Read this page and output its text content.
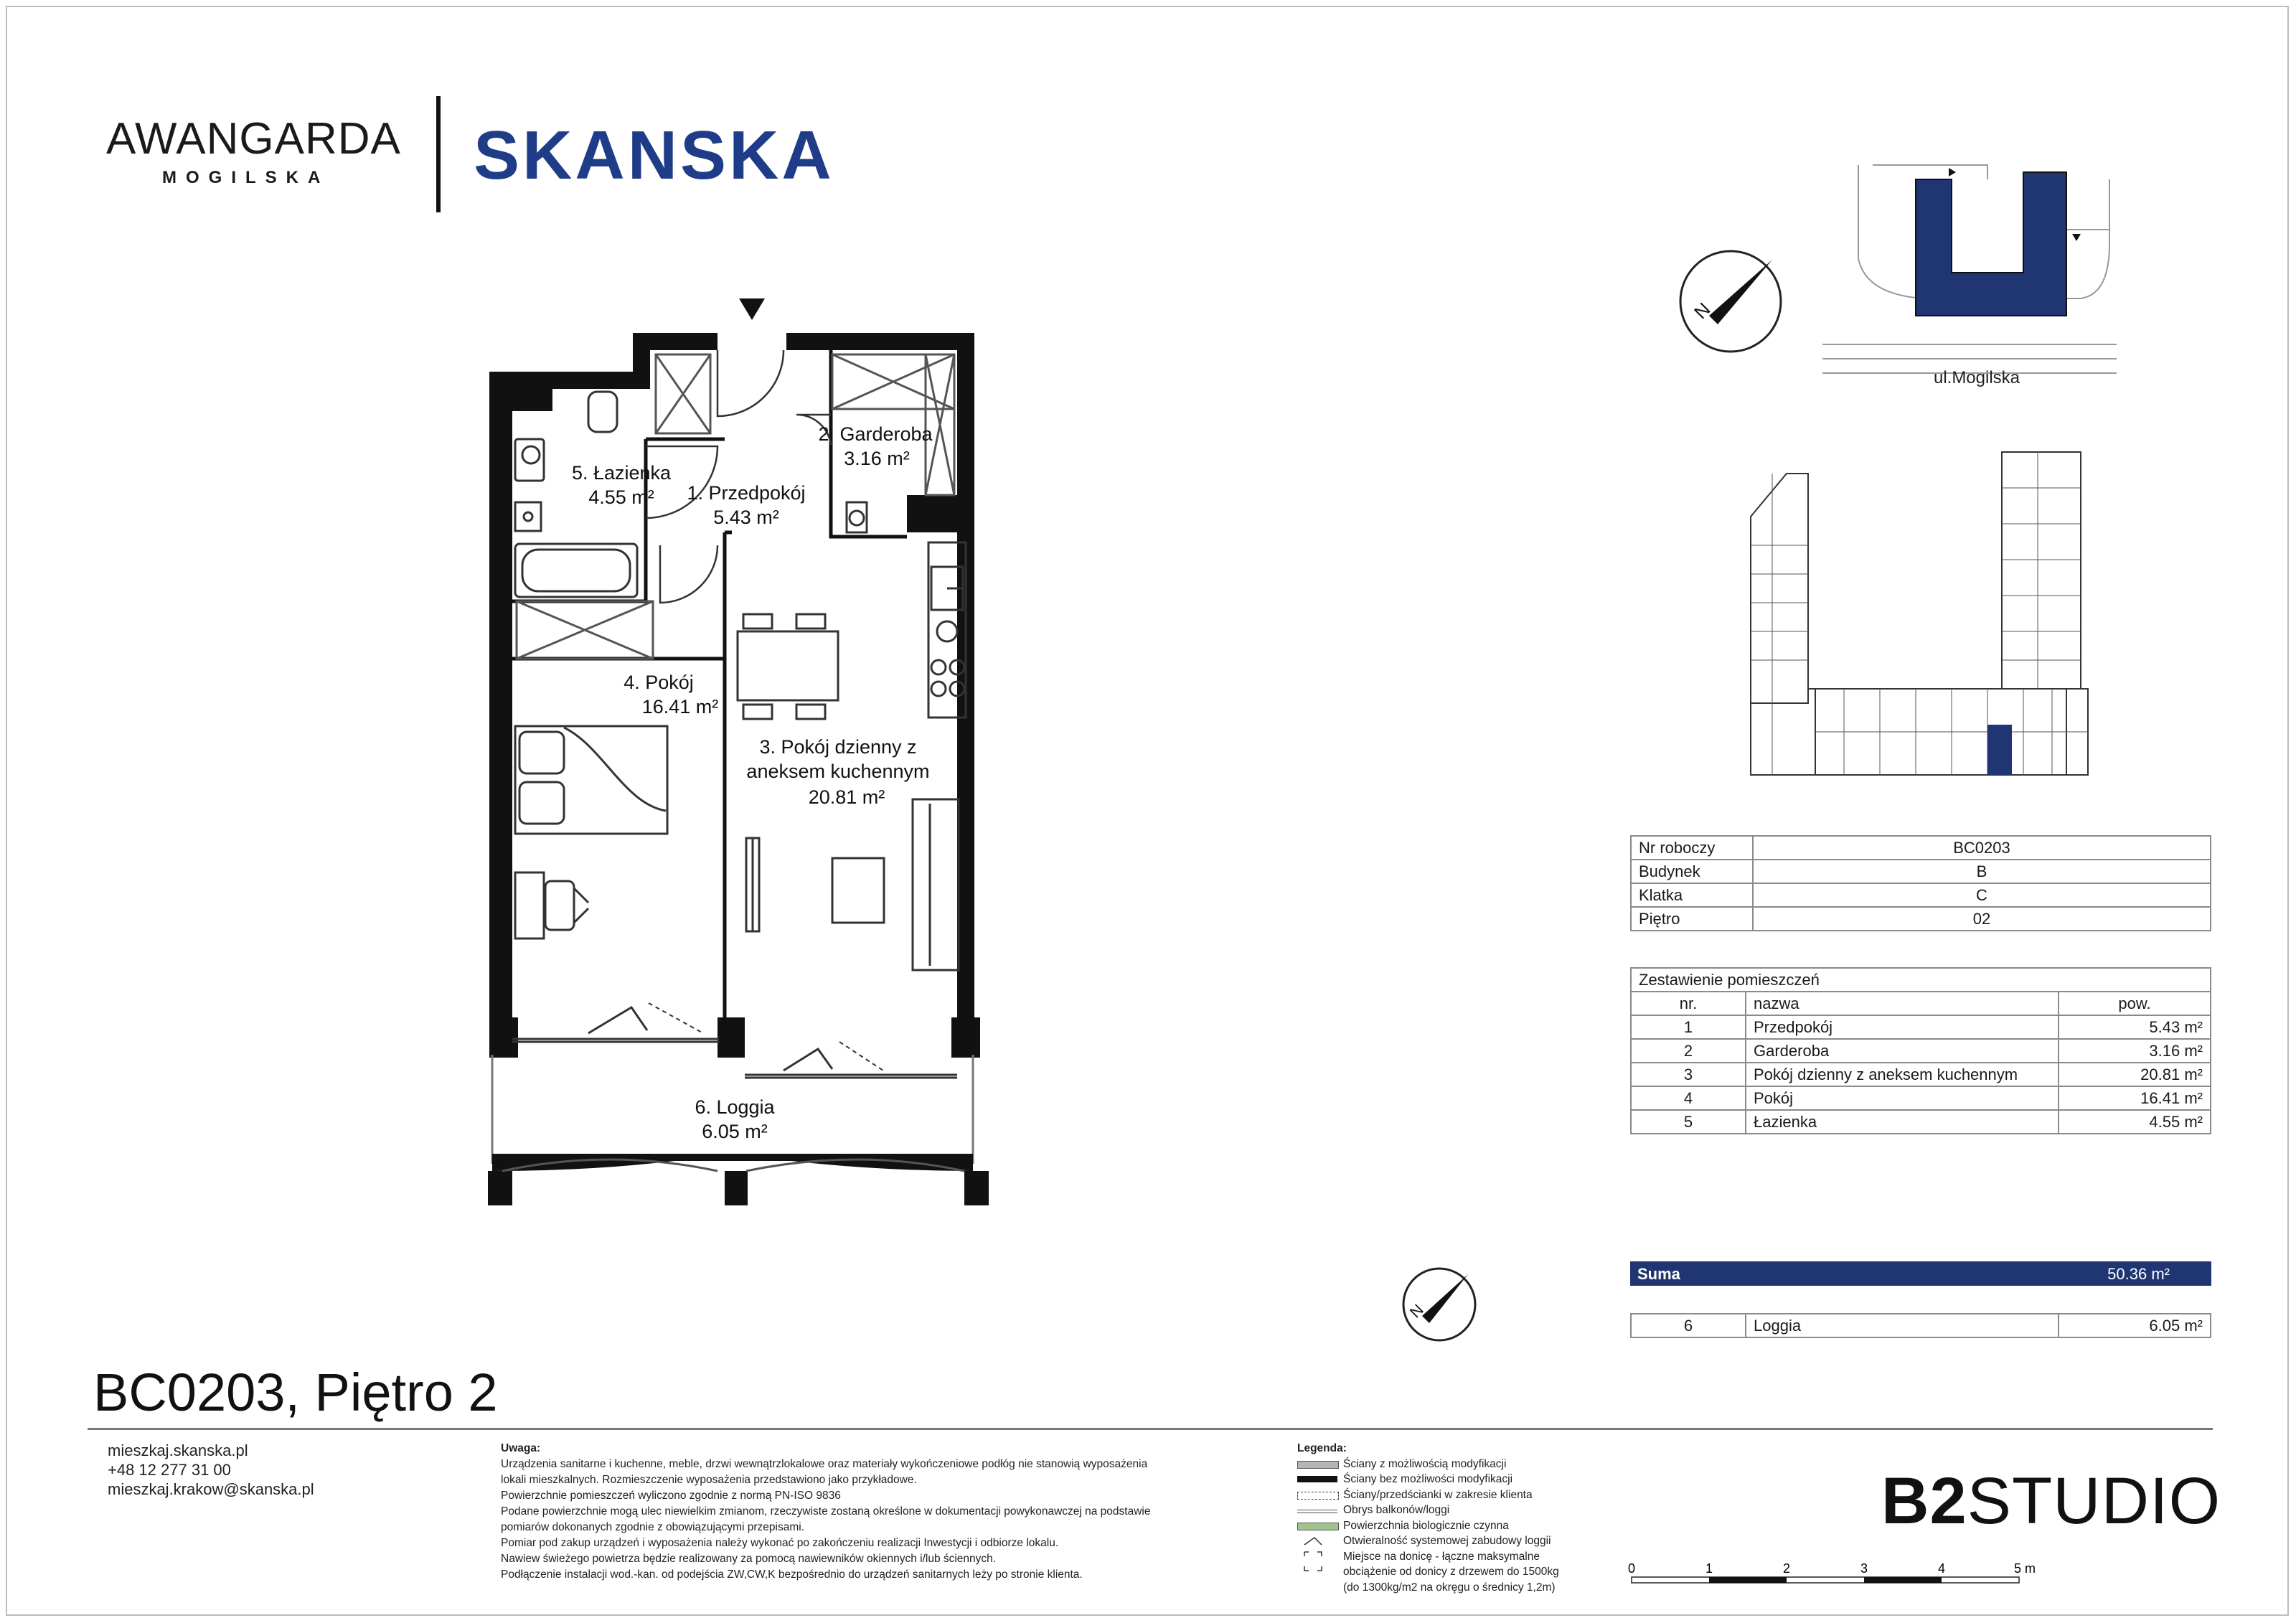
AWANGARDA
MOGILSKA SKANSKA
2. Garderoba
3.16 m²
5. Łazienka
4.55 m² 1. Przedpokój
5.43 m²
4. Pokój
16.41 m²
3. Pokój dzienny z
aneksem kuchennym
20.81 m²
6. Loggia
6.05 m²
ul.Mogilska
N
Nr roboczy	BC0203
Budynek	B
Klatka	C
Piętro	02
Zestawienie pomieszczeń		
nr.	nazwa	pow.
1	Przedpokój	5.43 m²
2	Garderoba	3.16 m²
3	Pokój dzienny z aneksem kuchennym	20.81 m²
4	Pokój	16.41 m²
5	Łazienka	4.55 m²
Suma	50.36 m²
6	Loggia	6.05 m²
N
BC0203, Piętro 2
mieszkaj.skanska.pl
+48 12 277 31 00
mieszkaj.krakow@skanska.pl
Uwaga:
Urządzenia sanitarne i kuchenne, meble, drzwi wewnątrzlokalowe oraz materiały wykończeniowe podłóg nie stanowią wyposażenia
lokali mieszkalnych. Rozmieszczenie wyposażenia przedstawiono jako przykładowe.
Powierzchnie pomieszczeń wyliczono zgodnie z normą PN-ISO 9836
Podane powierzchnie mogą ulec niewielkim zmianom, rzeczywiste zostaną określone w dokumentacji powykonawczej na podstawie
pomiarów dokonanych zgodnie z obowiązującymi przepisami.
Pomiar pod zakup urządzeń i wyposażenia należy wykonać po zakończeniu realizacji Inwestycji i odbiorze lokalu.
Nawiew świeżego powietrza będzie realizowany za pomocą nawiewników okiennych i/lub ściennych.
Podłączenie instalacji wod.-kan. od podejścia ZW,CW,K bezpośrednio do urządzeń sanitarnych leży po stronie klienta.
Legenda:
Ściany z możliwością modyfikacji
Ściany bez możliwości modyfikacji
Ściany/przedścianki w zakresie klienta
Obrys balkonów/loggi
Powierzchnia biologicznie czynna
Otwieralność systemowej zabudowy loggii
Miejsce na donicę - łączne maksymalne
obciążenie od donicy z drzewem do 1500kg
(do 1300kg/m2 na okręgu o średnicy 1,2m)
0	1	2	3	4	5 m
B2STUDIO
